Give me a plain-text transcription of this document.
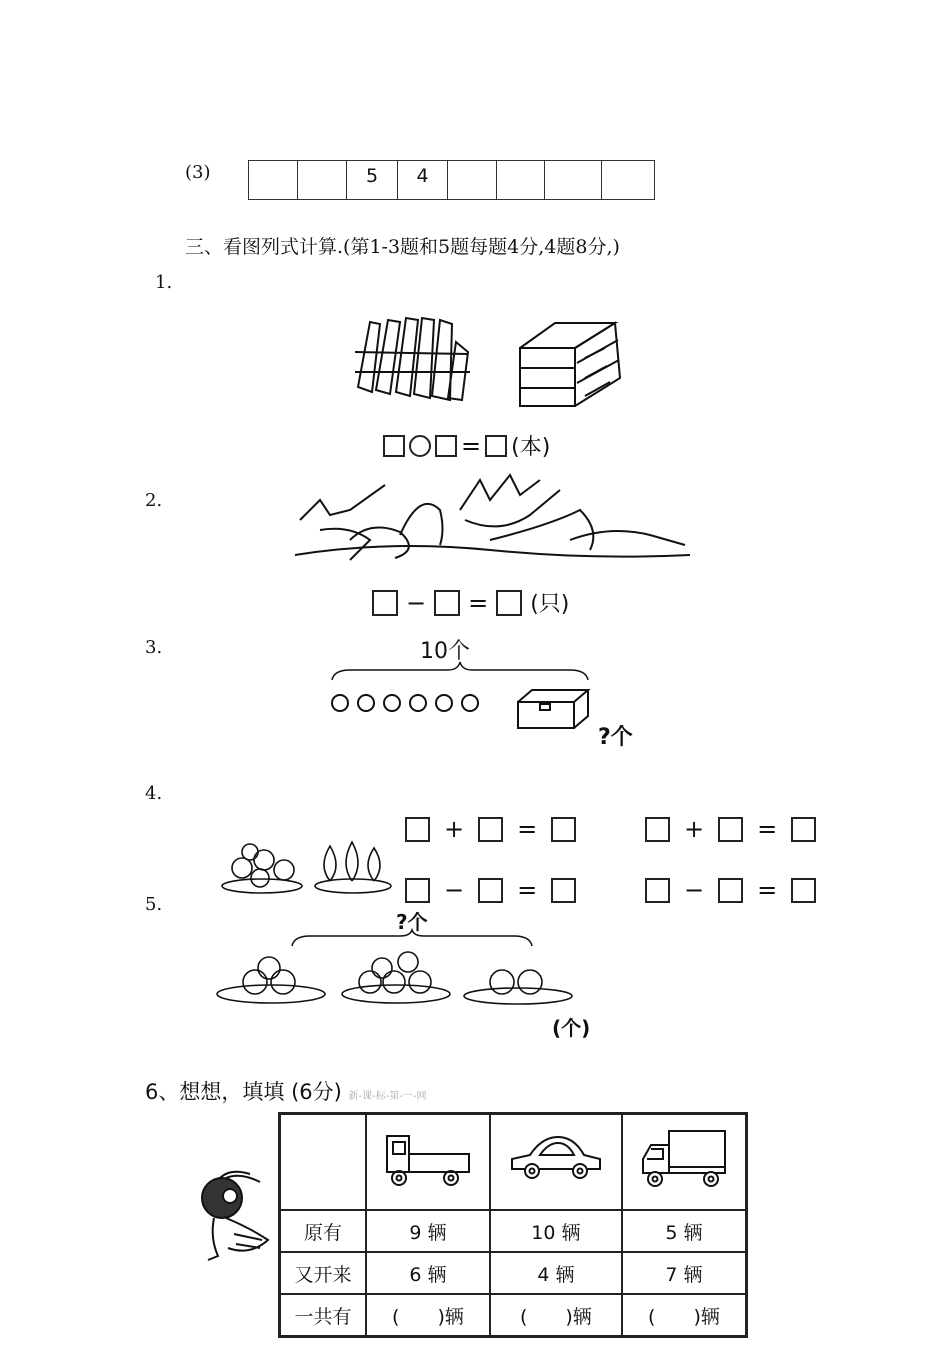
(3)	5	4
三、看图列式计算.(第1-3题和5题每题4分,4题8分,)
1.
= (本)
2.
− = (只)
3.	10个
?个
4.
+ =	+ =
− =	− =
5.
?个
(个)
6、想想，填填 (6分) 新-课-标-第-一-网

原有	9 辆	10 辆	5 辆
又开来	6 辆	4 辆	7 辆
一共有	(　　)辆	(　　)辆	(　　)辆
